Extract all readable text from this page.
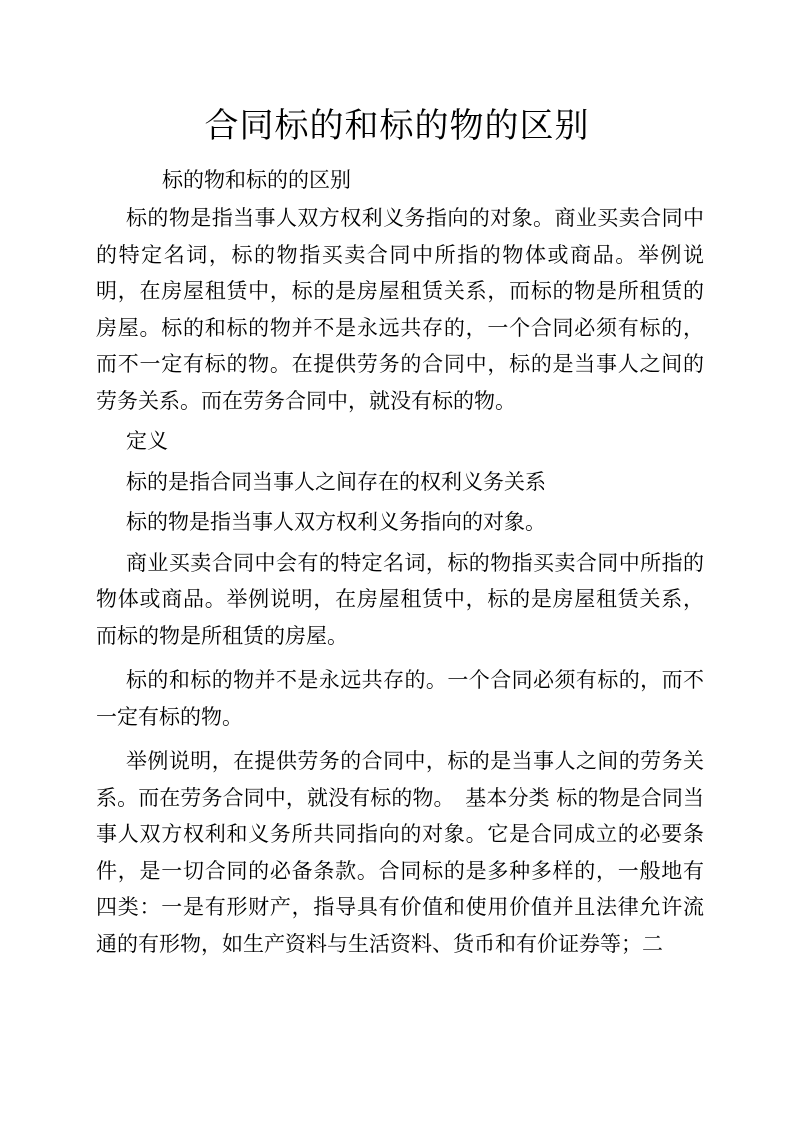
合同标的和标的物的区别

标的物和标的的区别

标的物是指当事人双方权利义务指向的对象。商业买卖合同中的特定名词，标的物指买卖合同中所指的物体或商品。举例说明，在房屋租赁中，标的是房屋租赁关系，而标的物是所租赁的房屋。标的和标的物并不是永远共存的，一个合同必须有标的，而不一定有标的物。在提供劳务的合同中，标的是当事人之间的劳务关系。而在劳务合同中，就没有标的物。

定义

标的是指合同当事人之间存在的权利义务关系

标的物是指当事人双方权利义务指向的对象。

商业买卖合同中会有的特定名词，标的物指买卖合同中所指的物体或商品。举例说明，在房屋租赁中，标的是房屋租赁关系，而标的物是所租赁的房屋。

标的和标的物并不是永远共存的。一个合同必须有标的，而不一定有标的物。

举例说明，在提供劳务的合同中，标的是当事人之间的劳务关系。而在劳务合同中，就没有标的物。　基本分类 标的物是合同当事人双方权利和义务所共同指向的对象。它是合同成立的必要条件，是一切合同的必备条款。合同标的是多种多样的，一般地有四类：一是有形财产，指导具有价值和使用价值并且法律允许流通的有形物，如生产资料与生活资料、货币和有价证券等；二
